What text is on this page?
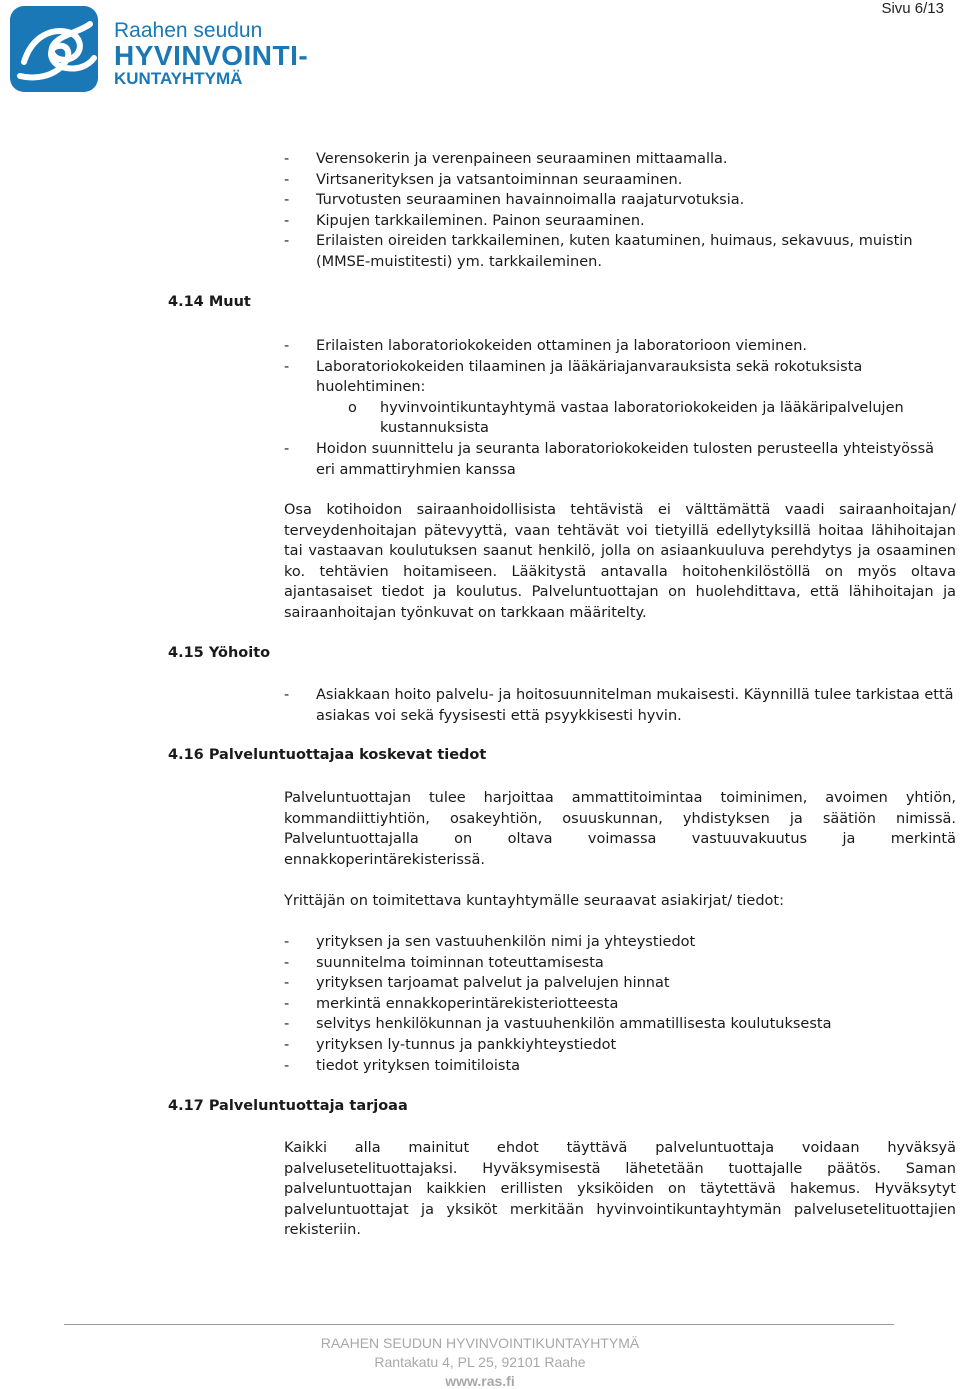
Raahen seudun
HYVINVOINTI-
KUNTAYHTYMÄ
Sivu 6/13
- Verensokerin ja verenpaineen seuraaminen mittaamalla.
- Virtsanerityksen ja vatsantoiminnan seuraaminen.
- Turvotusten seuraaminen havainnoimalla raajaturvotuksia.
- Kipujen tarkkaileminen. Painon seuraaminen.
- Erilaisten oireiden tarkkaileminen, kuten kaatuminen, huimaus, sekavuus, muistin (MMSE-muistitesti) ym. tarkkaileminen.
4.14 Muut
- Erilaisten laboratoriokokeiden ottaminen ja laboratorioon vieminen.
- Laboratoriokokeiden tilaaminen ja lääkäriajanvarauksista sekä rokotuksista huolehtiminen:
o hyvinvointikuntayhtymä vastaa laboratoriokokeiden ja lääkäripalvelujen kustannuksista
- Hoidon suunnittelu ja seuranta laboratoriokokeiden tulosten perusteella yhteistyössä eri ammattiryhmien kanssa
Osa kotihoidon sairaanhoidollisista tehtävistä ei välttämättä vaadi sairaanhoitajan/ terveydenhoitajan pätevyyttä, vaan tehtävät voi tietyillä edellytyksillä hoitaa lähihoitajan tai vastaavan koulutuksen saanut henkilö, jolla on asiaankuuluva perehdytys ja osaaminen ko. tehtävien hoitamiseen. Lääkitystä antavalla hoitohenkilöstöllä on myös oltava ajantasaiset tiedot ja koulutus. Palveluntuottajan on huolehdittava, että lähihoitajan ja sairaanhoitajan työnkuvat on tarkkaan määritelty.
4.15 Yöhoito
- Asiakkaan hoito palvelu- ja hoitosuunnitelman mukaisesti. Käynnillä tulee tarkistaa että asiakas voi sekä fyysisesti että psyykkisesti hyvin.
4.16 Palveluntuottajaa koskevat tiedot
Palveluntuottajan tulee harjoittaa ammattitoimintaa toiminimen, avoimen yhtiön, kommandiittiyhtiön, osakeyhtiön, osuuskunnan, yhdistyksen ja säätiön nimissä. Palveluntuottajalla on oltava voimassa vastuuvakuutus ja merkintä ennakkoperintärekisterissä.
Yrittäjän on toimitettava kuntayhtymälle seuraavat asiakirjat/ tiedot:
- yrityksen ja sen vastuuhenkilön nimi ja yhteystiedot
- suunnitelma toiminnan toteuttamisesta
- yrityksen tarjoamat palvelut ja palvelujen hinnat
- merkintä ennakkoperintärekisteriotteesta
- selvitys henkilökunnan ja vastuuhenkilön ammatillisesta koulutuksesta
- yrityksen ly-tunnus ja pankkiyhteystiedot
- tiedot yrityksen toimitiloista
4.17 Palveluntuottaja tarjoaa
Kaikki alla mainitut ehdot täyttävä palveluntuottaja voidaan hyväksyä palvelusetelituottajaksi. Hyväksymisestä lähetetään tuottajalle päätös. Saman palveluntuottajan kaikkien erillisten yksiköiden on täytettävä hakemus. Hyväksytyt palveluntuottajat ja yksiköt merkitään hyvinvointikuntayhtymän palvelusetelituottajien rekisteriin.
RAAHEN SEUDUN HYVINVOINTIKUNTAYHTYMÄ
Rantakatu 4, PL 25, 92101 Raahe
www.ras.fi
